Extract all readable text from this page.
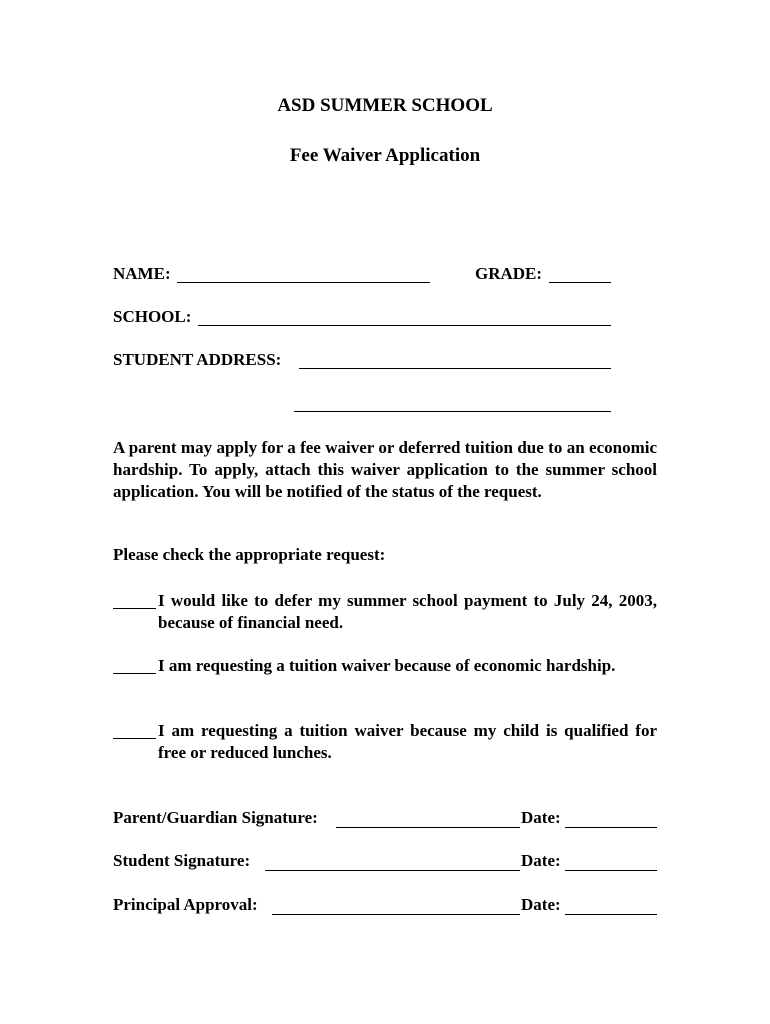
ASD SUMMER SCHOOL
Fee Waiver Application
NAME:	GRADE:
SCHOOL:
STUDENT ADDRESS:
A parent may apply for a fee waiver or deferred tuition due to an economic hardship. To apply, attach this waiver application to the summer school application. You will be notified of the status of the request.
Please check the appropriate request:
I would like to defer my summer school payment to July 24, 2003, because of financial need.
I am requesting a tuition waiver because of economic hardship.
I am requesting a tuition waiver because my child is qualified for free or reduced lunches.
Parent/Guardian Signature:	Date:
Student Signature:	Date:
Principal Approval:	Date:
